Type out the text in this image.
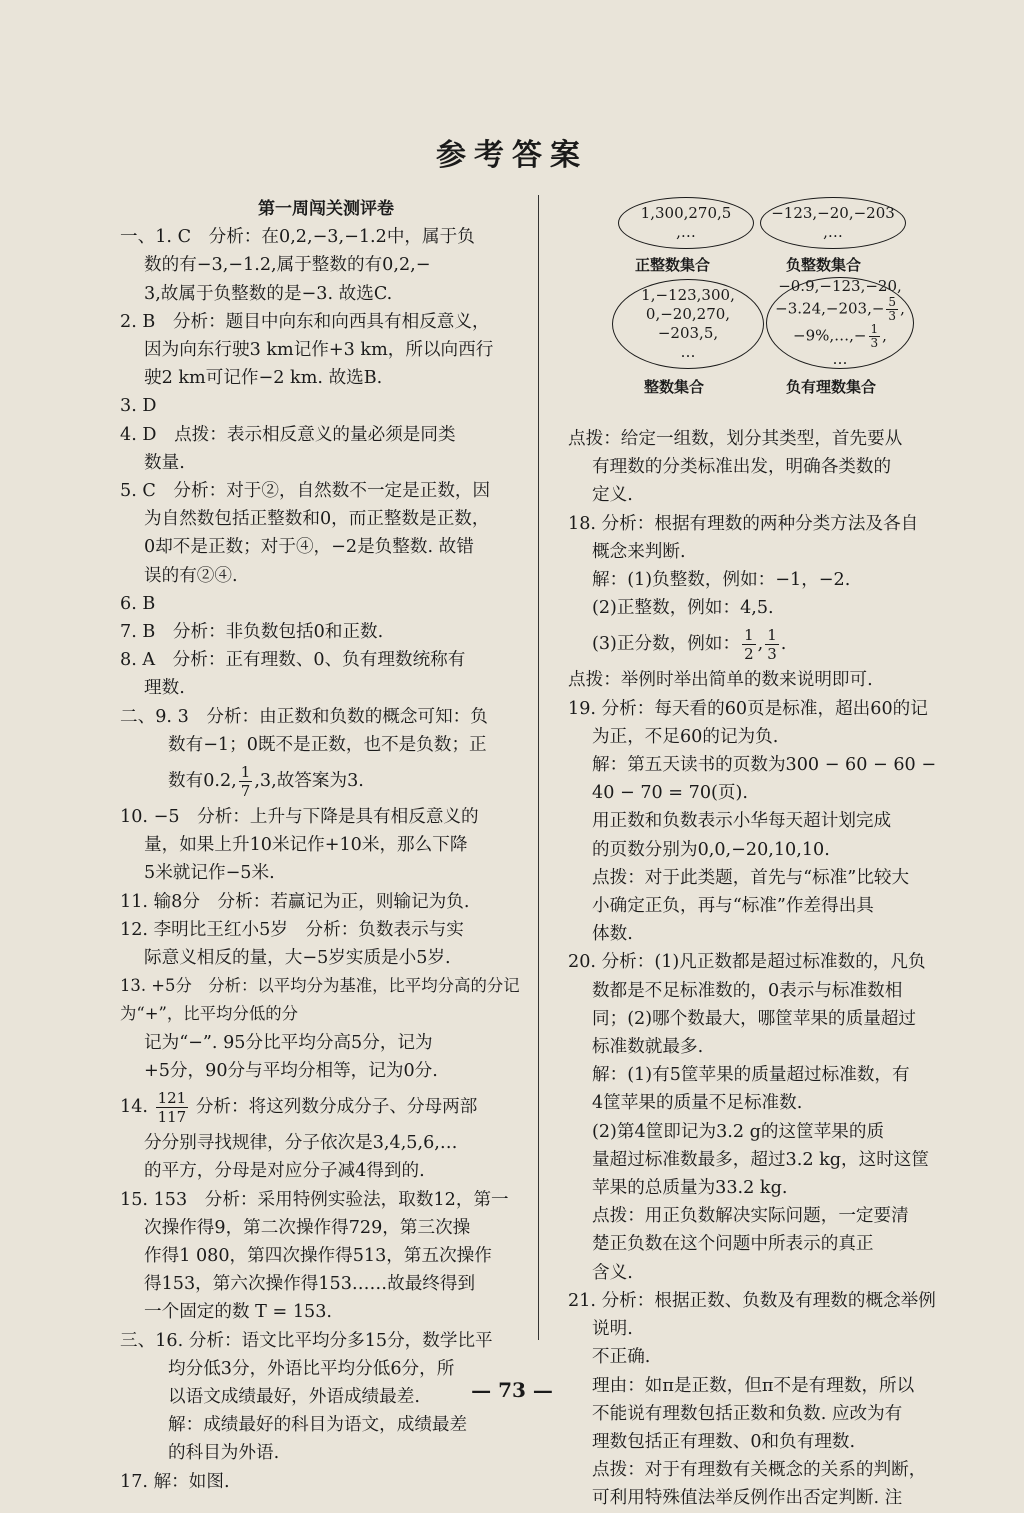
参考答案
第一周闯关测评卷

一、1. C　分析：在0,2,−3,−1.2中，属于负

数的有−3,−1.2,属于整数的有0,2,−

3,故属于负整数的是−3. 故选C.

2. B　分析：题目中向东和向西具有相反意义，

因为向东行驶3 km记作+3 km，所以向西行

驶2 km可记作−2 km. 故选B.

3. D

4. D　点拨：表示相反意义的量必须是同类

数量.

5. C　分析：对于②，自然数不一定是正数，因

为自然数包括正整数和0，而正整数是正数，

0却不是正数；对于④，−2是负整数. 故错

误的有②④.

6. B

7. B　分析：非负数包括0和正数.

8. A　分析：正有理数、0、负有理数统称有

理数.

二、9. 3　分析：由正数和负数的概念可知：负

数有−1；0既不是正数，也不是负数；正

数有0.2, $\frac{1}{7} ,3$,故答案为3.

10. −5　分析：上升与下降是具有相反意义的

量，如果上升10米记作+10米，那么下降

5米就记作−5米.

11. 输8分　分析：若赢记为正，则输记为负.

12. 李明比王红小5岁　分析：负数表示与实

际意义相反的量，大−5岁实质是小5岁.

13. +5分　分析：以平均分为基准，比平均分高的分记为“+”，比平均分低的分

记为“−”. 95分比平均分高5分，记为

+5分，90分与平均分相等，记为0分.

14. $\frac{121}{117}$ 分析：将这列数分成分子、分母两部

分分别寻找规律，分子依次是3,4,5,6,…

的平方，分母是对应分子减4得到的.

15. 153　分析：采用特例实验法，取数12，第一

次操作得9，第二次操作得729，第三次操

作得1 080，第四次操作得513，第五次操作

得153，第六次操作得153……故最终得到

一个固定的数 T = 153.

三、16. 分析：语文比平均分多15分，数学比平

均分低3分，外语比平均分低6分，所

以语文成绩最好，外语成绩最差.

解：成绩最好的科目为语文，成绩最差

的科目为外语.

17. 解：如图.

1,300,270,5
,…
正整数集合
−123,−20,−203
,…
负整数集合
1,−123,300,
0,−20,270,
−203,5,
…
整数集合
−0.9,−123,−20,
$-3.24,-203,- \frac{5}{3}$ ,
−9%,…,− $\frac{1}{3}$ ,
…
负有理数集合

点拨：给定一组数，划分其类型，首先要从

有理数的分类标准出发，明确各类数的

定义.

18. 分析：根据有理数的两种分类方法及各自

概念来判断.

解：(1)负整数，例如：−1，−2.

(2)正整数，例如：4,5.

(3)正分数，例如： $\frac{1}{2}$ , $\frac{1}{3}$ .

点拨：举例时举出简单的数来说明即可.

19. 分析：每天看的60页是标准，超出60的记

为正，不足60的记为负.

解：第五天读书的页数为300 − 60 − 60 −

40 − 70 = 70(页).

用正数和负数表示小华每天超计划完成

的页数分别为0,0,−20,10,10.

点拨：对于此类题，首先与“标准”比较大

小确定正负，再与“标准”作差得出具

体数.

20. 分析：(1)凡正数都是超过标准数的，凡负

数都是不足标准数的，0表示与标准数相

同；(2)哪个数最大，哪筐苹果的质量超过

标准数就最多.

解：(1)有5筐苹果的质量超过标准数，有

4筐苹果的质量不足标准数.

(2)第4筐即记为3.2 g的这筐苹果的质

量超过标准数最多，超过3.2 kg，这时这筐

苹果的总质量为33.2 kg.

点拨：用正负数解决实际问题，一定要清

楚正负数在这个问题中所表示的真正

含义.

21. 分析：根据正数、负数及有理数的概念举例

说明.

不正确.

理由：如π是正数，但π不是有理数，所以

不能说有理数包括正数和负数. 应改为有

理数包括正有理数、0和负有理数.

点拨：对于有理数有关概念的关系的判断，

可利用特殊值法举反例作出否定判断. 注

— 73 —
